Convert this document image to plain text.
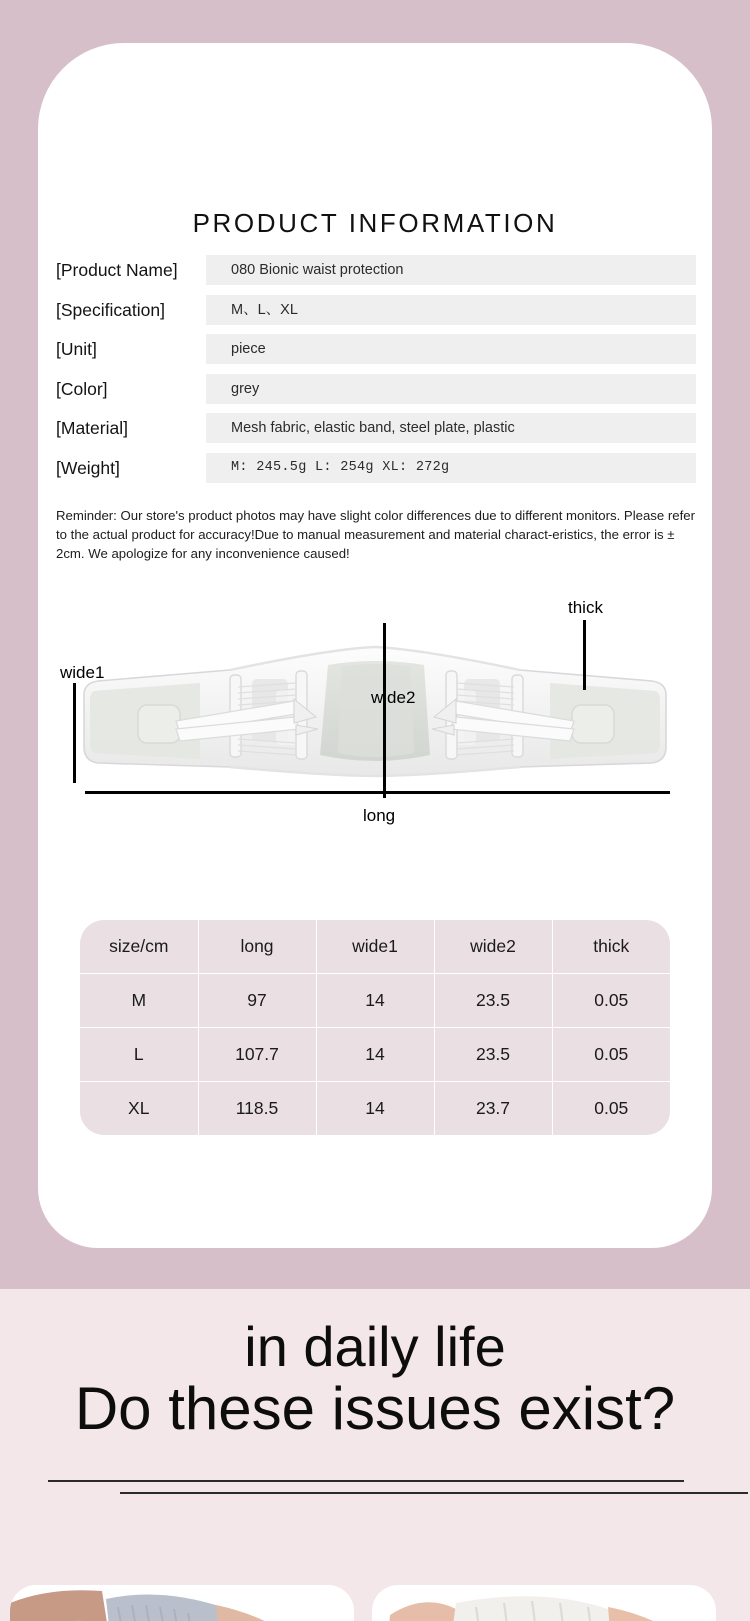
PRODUCT INFORMATION
[Product Name]	080 Bionic waist protection
[Specification]	M、L、XL
[Unit]	piece
[Color]	grey
[Material]	Mesh fabric, elastic band, steel plate, plastic
[Weight]	M: 245.5g L: 254g XL: 272g

Reminder: Our store's product photos may have slight color differences due to different monitors. Please refer to the actual product for accuracy!Due to manual measurement and material charact-eristics, the error is ± 2cm. We apologize for any inconvenience caused!

wide1
wide2
thick
long
size/cm	long	wide1	wide2	thick
M	97	14	23.5	0.05
L	107.7	14	23.5	0.05
XL	118.5	14	23.7	0.05
in daily life
Do these issues exist?
